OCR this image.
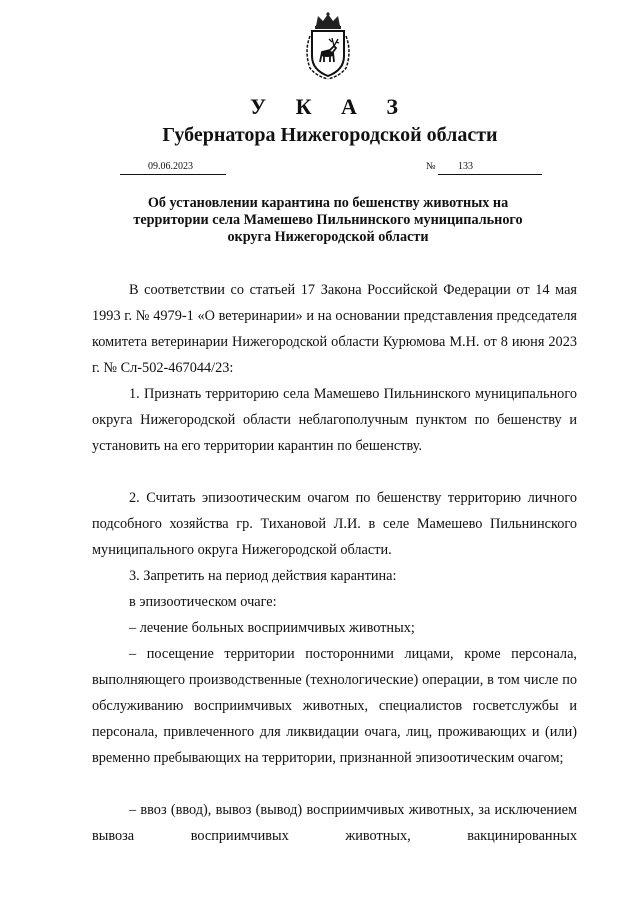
У К А З
Губернатора Нижегородской области
09.06.2023	№ 133
Об установлении карантина по бешенству животных на
территории села Мамешево Пильнинского муниципального
округа Нижегородской области

В соответствии со статьей 17 Закона Российской Федерации от 14 мая 1993 г. № 4979-1 «О ветеринарии» и на основании представления председателя комитета ветеринарии Нижегородской области Курюмова М.Н. от 8 июня 2023 г. № Сл-502-467044/23:

1. Признать территорию села Мамешево Пильнинского муниципального округа Нижегородской области неблагополучным пунктом по бешенству и установить на его территории карантин по бешенству.

2. Считать эпизоотическим очагом по бешенству территорию личного подсобного хозяйства гр. Тихановой Л.И. в селе Мамешево Пильнинского муниципального округа Нижегородской области.

3. Запретить на период действия карантина:

в эпизоотическом очаге:

– лечение больных восприимчивых животных;

– посещение территории посторонними лицами, кроме персонала, выполняющего производственные (технологические) операции, в том числе по обслуживанию восприимчивых животных, специалистов госветслужбы и персонала, привлеченного для ликвидации очага, лиц, проживающих и (или) временно пребывающих на территории, признанной эпизоотическим очагом;

– ввоз (ввод), вывоз (вывод) восприимчивых животных, за исключением вывоза восприимчивых животных, вакцинированных
